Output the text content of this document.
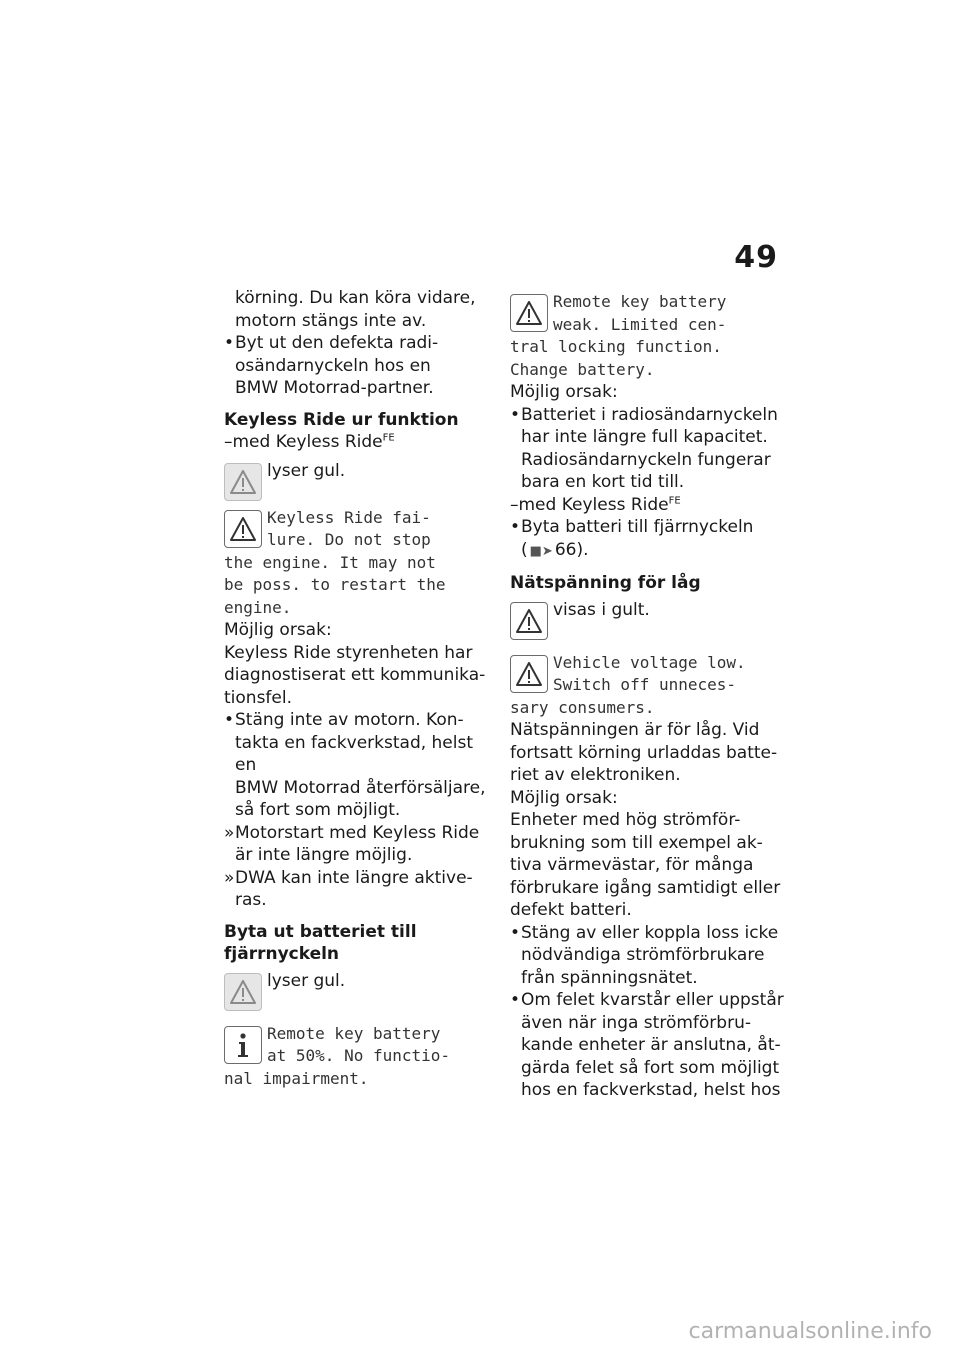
49

körning. Du kan köra vidare,

motorn stängs inte av.

• Byt ut den defekta radi-

osändarnyckeln hos en

BMW Motorrad-partner.

Keyless Ride ur funktion

–med Keyless Ride$^{FE}$

lyser gul.

Keyless Ride fai-

lure. Do not stop

the engine. It may not

be poss. to restart the

engine.

Möjlig orsak:

Keyless Ride styrenheten har

diagnostiserat ett kommunika-

tionsfel.

• Stäng inte av motorn. Kon-

takta en fackverkstad, helst en

BMW Motorrad återförsäljare,

så fort som möjligt.

» Motorstart med Keyless Ride

är inte längre möjlig.

» DWA kan inte längre aktive-

ras.

Byta ut batteriet till

fjärrnyckeln

lyser gul.

Remote key battery

at 50%. No functio-

nal impairment.

Remote key battery

weak. Limited cen-

tral locking function.

Change battery.

Möjlig orsak:

• Batteriet i radiosändarnyckeln

har inte längre full kapacitet.

Radiosändarnyckeln fungerar

bara en kort tid till.

–med Keyless Ride$^{FE}$

• Byta batteri till fjärrnyckeln

( ■➤ 66).

Nätspänning för låg

visas i gult.

Vehicle voltage low.

Switch off unneces-

sary consumers.

Nätspänningen är för låg. Vid

fortsatt körning urladdas batte-

riet av elektroniken.

Möjlig orsak:

Enheter med hög strömför-

brukning som till exempel ak-

tiva värmevästar, för många

förbrukare igång samtidigt eller

defekt batteri.

• Stäng av eller koppla loss icke

nödvändiga strömförbrukare

från spänningsnätet.

• Om felet kvarstår eller uppstår

även när inga strömförbru-

kande enheter är anslutna, åt-

gärda felet så fort som möjligt

hos en fackverkstad, helst hos

carmanualsonline.info
